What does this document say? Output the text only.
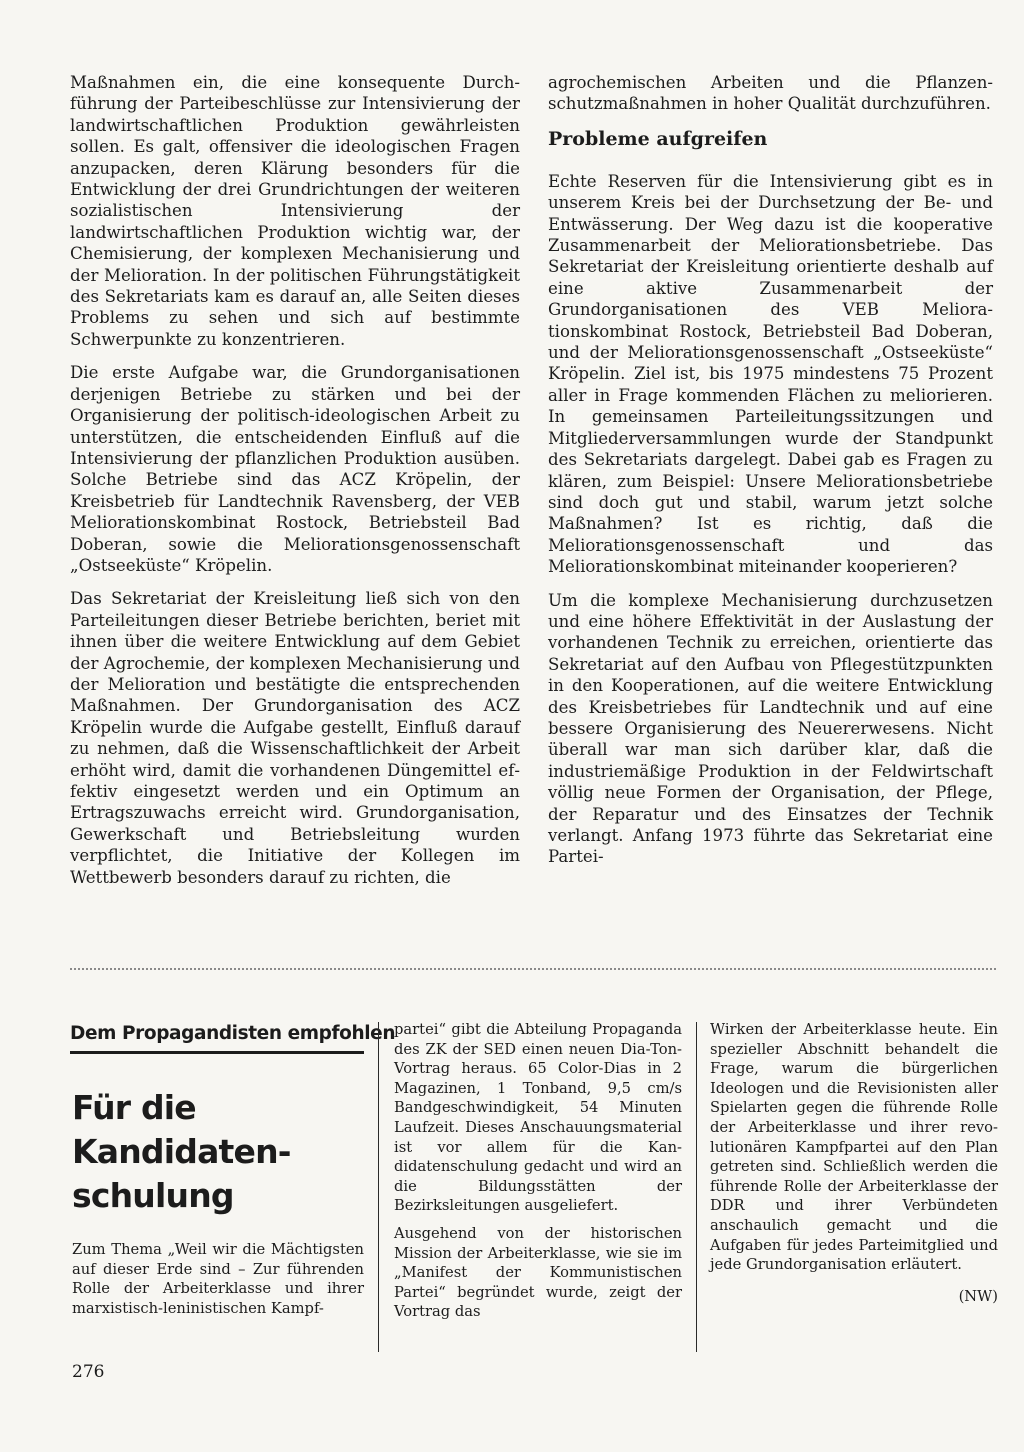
Maßnahmen ein, die eine konsequente Durchführung der Parteibeschlüsse zur Intensivierung der landwirtschaftlichen Produktion gewährleisten sollen. Es galt, offensiver die ideologischen Fragen anzupacken, deren Klärung besonders für die Entwicklung der drei Grundrichtungen der weiteren sozialistischen Intensivierung der landwirtschaftlichen Produktion wichtig war, der Chemisierung, der komplexen Mechanisierung und der Melioration. In der politischen Führungstätigkeit des Sekretariats kam es darauf an, alle Seiten dieses Problems zu sehen und sich auf bestimmte Schwerpunkte zu konzentrieren.

Die erste Aufgabe war, die Grundorganisationen derjenigen Betriebe zu stärken und bei der Organisierung der politisch-ideologischen Arbeit zu unterstützen, die entscheidenden Einfluß auf die Intensivierung der pflanzlichen Produktion ausüben. Solche Betriebe sind das ACZ Kröpelin, der Kreisbetrieb für Landtechnik Ravensberg, der VEB Meliorationskombinat Rostock, Betriebsteil Bad Doberan, sowie die Meliorationsgenossenschaft „Ostseeküste“ Kröpelin.

Das Sekretariat der Kreisleitung ließ sich von den Parteileitungen dieser Betriebe berichten, beriet mit ihnen über die weitere Entwicklung auf dem Gebiet der Agrochemie, der komplexen Mechanisierung und der Melioration und bestätigte die entsprechenden Maßnahmen. Der Grundorganisation des ACZ Kröpelin wurde die Aufgabe gestellt, Einfluß darauf zu nehmen, daß die Wissenschaftlichkeit der Arbeit erhöht wird, damit die vorhandenen Düngemittel effektiv eingesetzt werden und ein Optimum an Ertragszuwachs erreicht wird. Grundorganisation, Gewerkschaft und Betriebsleitung wurden verpflichtet, die Initiative der Kollegen im Wettbewerb besonders darauf zu richten, die

agrochemischen Arbeiten und die Pflanzenschutzmaßnahmen in hoher Qualität durchzuführen.

Probleme aufgreifen

Echte Reserven für die Intensivierung gibt es in unserem Kreis bei der Durchsetzung der Be- und Entwässerung. Der Weg dazu ist die kooperative Zusammenarbeit der Meliorationsbetriebe. Das Sekretariat der Kreisleitung orientierte deshalb auf eine aktive Zusammenarbeit der Grundorganisationen des VEB Meliorationskombinat Rostock, Betriebsteil Bad Doberan, und der Meliorationsgenossenschaft „Ostseeküste“ Kröpelin. Ziel ist, bis 1975 mindestens 75 Prozent aller in Frage kommenden Flächen zu meliorieren. In gemeinsamen Parteileitungssitzungen und Mitgliederversammlungen wurde der Standpunkt des Sekretariats dargelegt. Dabei gab es Fragen zu klären, zum Beispiel: Unsere Meliorationsbetriebe sind doch gut und stabil, warum jetzt solche Maßnahmen? Ist es richtig, daß die Meliorationsgenossenschaft und das Meliorationskombinat miteinander kooperieren?

Um die komplexe Mechanisierung durchzusetzen und eine höhere Effektivität in der Auslastung der vorhandenen Technik zu erreichen, orientierte das Sekretariat auf den Aufbau von Pflegestützpunkten in den Kooperationen, auf die weitere Entwicklung des Kreisbetriebes für Landtechnik und auf eine bessere Organisierung des Neuererwesens. Nicht überall war man sich darüber klar, daß die industriemäßige Produktion in der Feldwirtschaft völlig neue Formen der Organisation, der Pflege, der Reparatur und des Einsatzes der Technik verlangt. Anfang 1973 führte das Sekretariat eine Partei-

Dem Propagandisten empfohlen
Für die
Kandidaten-
schulung

Zum Thema „Weil wir die Mächtigsten auf dieser Erde sind – Zur führenden Rolle der Arbeiterklasse und ihrer marxistisch-leninistischen Kampf-

partei“ gibt die Abteilung Propaganda des ZK der SED einen neuen Dia-Ton-Vortrag heraus. 65 Color-Dias in 2 Magazinen, 1 Tonband, 9,5 cm/s Bandgeschwindigkeit, 54 Minuten Laufzeit. Dieses Anschauungsmaterial ist vor allem für die Kandidatenschulung gedacht und wird an die Bildungsstätten der Bezirksleitungen ausgeliefert.

Ausgehend von der historischen Mission der Arbeiterklasse, wie sie im „Manifest der Kommunistischen Partei“ begründet wurde, zeigt der Vortrag das

Wirken der Arbeiterklasse heute. Ein spezieller Abschnitt behandelt die Frage, warum die bürgerlichen Ideologen und die Revisionisten aller Spielarten gegen die führende Rolle der Arbeiterklasse und ihrer revolutionären Kampfpartei auf den Plan getreten sind. Schließlich werden die führende Rolle der Arbeiterklasse der DDR und ihrer Verbündeten anschaulich gemacht und die Aufgaben für jedes Parteimitglied und jede Grundorganisation erläutert.

(NW)
276
